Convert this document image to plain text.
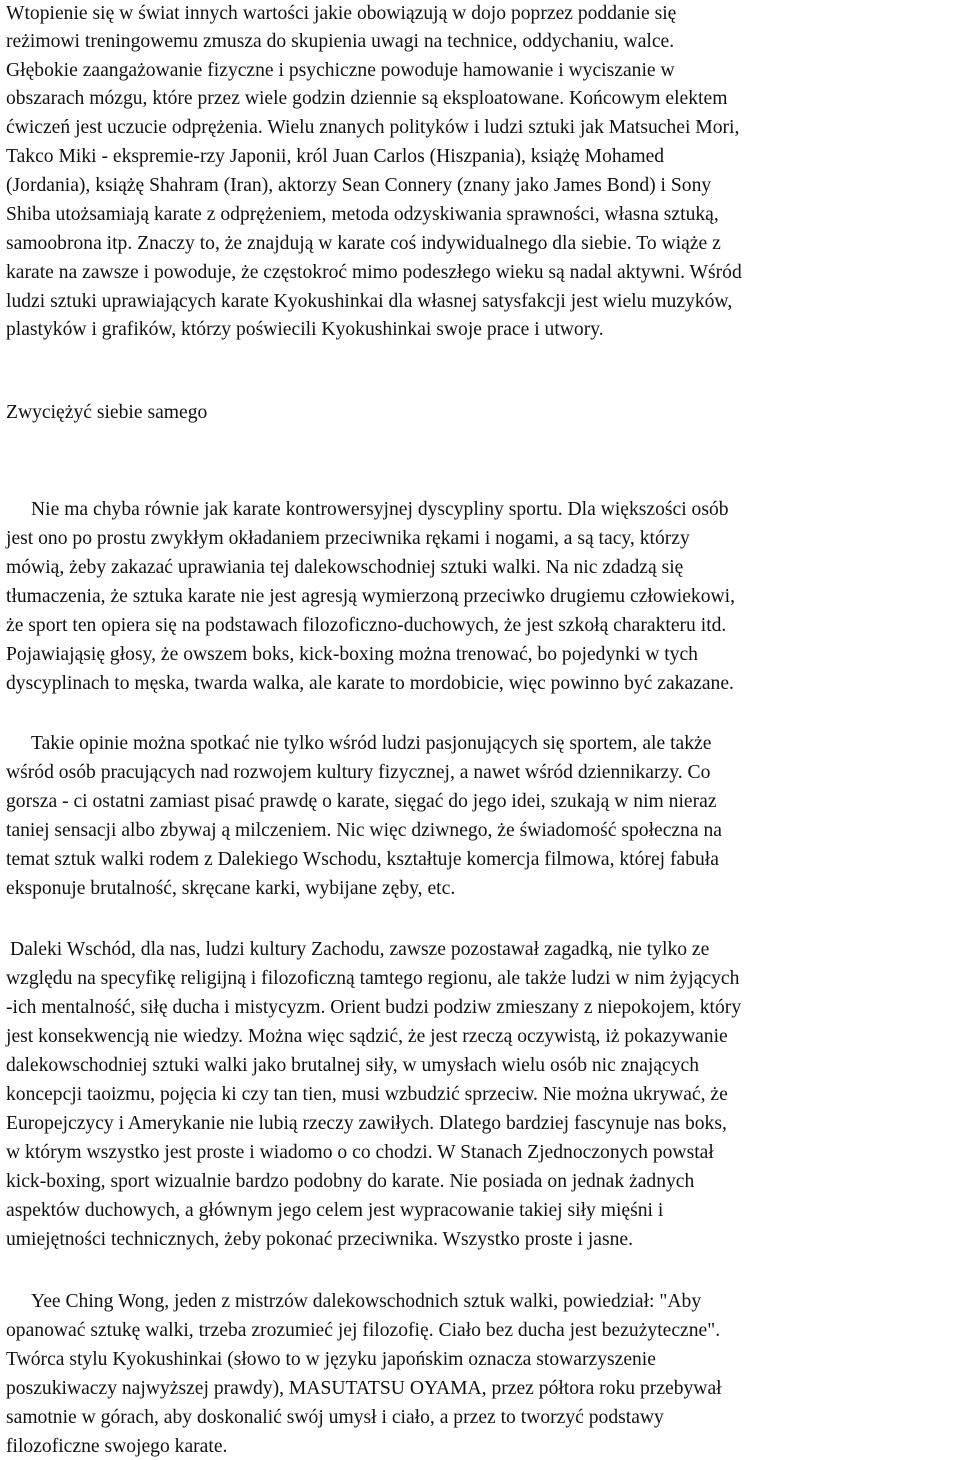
Wtopienie się w świat innych wartości jakie obowiązują w dojo poprzez poddanie się
reżimowi treningowemu zmusza do skupienia uwagi na technice, oddychaniu, walce.
Głębokie zaangażowanie fizyczne i psychiczne powoduje hamowanie i wyciszanie w
obszarach mózgu, które przez wiele godzin dziennie są eksploatowane. Końcowym elektem
ćwiczeń jest uczucie odprężenia. Wielu znanych polityków i ludzi sztuki jak Matsuchei Mori,
Takco Miki - ekspremie-rzy Japonii, król Juan Carlos (Hiszpania), książę Mohamed
(Jordania), książę Shahram (Iran), aktorzy Sean Connery (znany jako James Bond) i Sony
Shiba utożsamiają karate z odprężeniem, metoda odzyskiwania sprawności, własna sztuką,
samoobrona itp. Znaczy to, że znajdują w karate coś indywidualnego dla siebie. To wiąże z
karate na zawsze i powoduje, że częstokroć mimo podeszłego wieku są nadal aktywni. Wśród
ludzi sztuki uprawiających karate Kyokushinkai dla własnej satysfakcji jest wielu muzyków,
plastyków i grafików, którzy poświecili Kyokushinkai swoje prace i utwory.
Zwyciężyć siebie samego
Nie ma chyba równie jak karate kontrowersyjnej dyscypliny sportu. Dla większości osób
jest ono po prostu zwykłym okładaniem przeciwnika rękami i nogami, a są tacy, którzy
mówią, żeby zakazać uprawiania tej dalekowschodniej sztuki walki. Na nic zdadzą się
tłumaczenia, że sztuka karate nie jest agresją wymierzoną przeciwko drugiemu człowiekowi,
że sport ten opiera się na podstawach filozoficzno-duchowych, że jest szkołą charakteru itd.
Pojawiająsię głosy, że owszem boks, kick-boxing można trenować, bo pojedynki w tych
dyscyplinach to męska, twarda walka, ale karate to mordobicie, więc powinno być zakazane.
Takie opinie można spotkać nie tylko wśród ludzi pasjonujących się sportem, ale także
wśród osób pracujących nad rozwojem kultury fizycznej, a nawet wśród dziennikarzy. Co
gorsza - ci ostatni zamiast pisać prawdę o karate, sięgać do jego idei, szukają w nim nieraz
taniej sensacji albo zbywaj ą milczeniem. Nic więc dziwnego, że świadomość społeczna na
temat sztuk walki rodem z Dalekiego Wschodu, kształtuje komercja filmowa, której fabuła
eksponuje brutalność, skręcane karki, wybijane zęby, etc.
Daleki Wschód, dla nas, ludzi kultury Zachodu, zawsze pozostawał zagadką, nie tylko ze
względu na specyfikę religijną i filozoficzną tamtego regionu, ale także ludzi w nim żyjących
-ich mentalność, siłę ducha i mistycyzm. Orient budzi podziw zmieszany z niepokojem, który
jest konsekwencją nie wiedzy. Można więc sądzić, że jest rzeczą oczywistą, iż pokazywanie
dalekowschodniej sztuki walki jako brutalnej siły, w umysłach wielu osób nic znających
koncepcji taoizmu, pojęcia ki czy tan tien, musi wzbudzić sprzeciw. Nie można ukrywać, że
Europejczycy i Amerykanie nie lubią rzeczy zawiłych. Dlatego bardziej fascynuje nas boks,
w którym wszystko jest proste i wiadomo o co chodzi. W Stanach Zjednoczonych powstał
kick-boxing, sport wizualnie bardzo podobny do karate. Nie posiada on jednak żadnych
aspektów duchowych, a głównym jego celem jest wypracowanie takiej siły mięśni i
umiejętności technicznych, żeby pokonać przeciwnika. Wszystko proste i jasne.
Yee Ching Wong, jeden z mistrzów dalekowschodnich sztuk walki, powiedział: "Aby
opanować sztukę walki, trzeba zrozumieć jej filozofię. Ciało bez ducha jest bezużyteczne".
Twórca stylu Kyokushinkai (słowo to w języku japońskim oznacza stowarzyszenie
poszukiwaczy najwyższej prawdy), MASUTATSU OYAMA, przez półtora roku przebywał
samotnie w górach, aby doskonalić swój umysł i ciało, a przez to tworzyć podstawy
filozoficzne swojego karate.
